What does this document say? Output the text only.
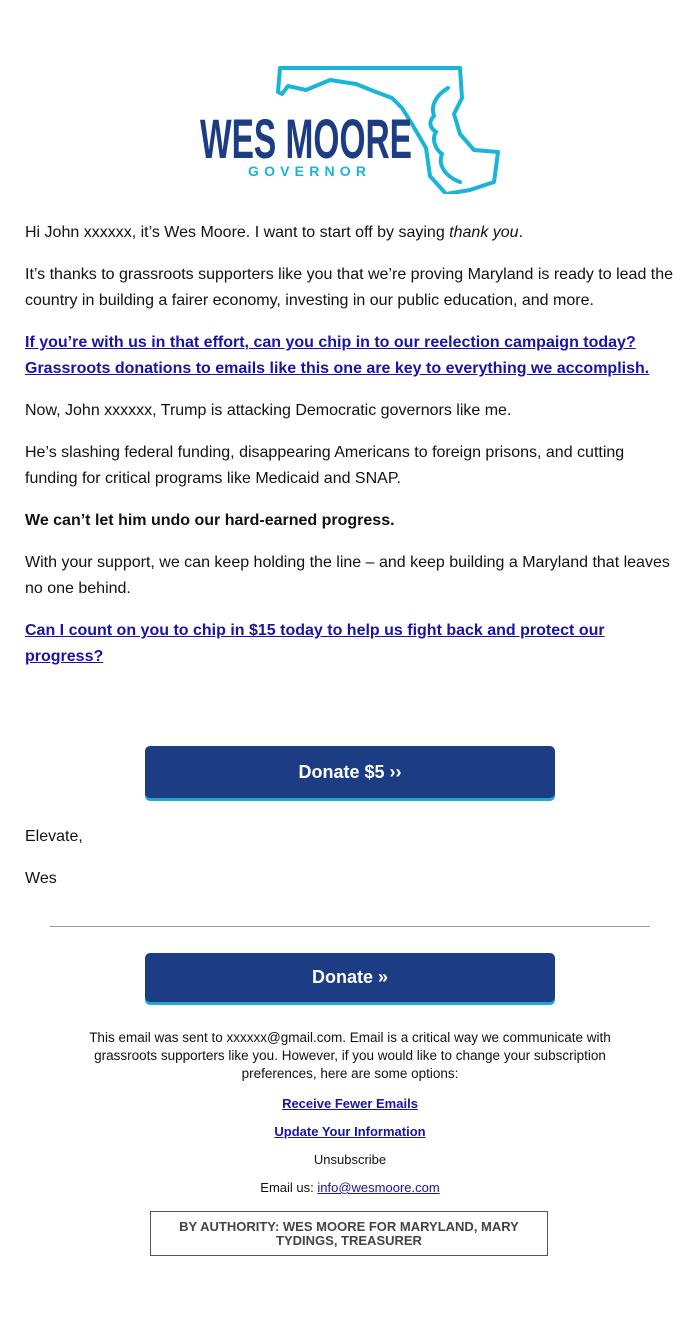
WES MOORE
GOVERNOR

Hi John xxxxxx, it’s Wes Moore. I want to start off by saying thank you.

It’s thanks to grassroots supporters like you that we’re proving Maryland is ready to lead the country in building a fairer economy, investing in our public education, and more.

If you’re with us in that effort, can you chip in to our reelection campaign today? Grassroots donations to emails like this one are key to everything we accomplish.

Now, John xxxxxx, Trump is attacking Democratic governors like me.

He’s slashing federal funding, disappearing Americans to foreign prisons, and cutting funding for critical programs like Medicaid and SNAP.

We can’t let him undo our hard-earned progress.

With your support, we can keep holding the line – and keep building a Maryland that leaves no one behind.

Can I count on you to chip in $15 today to help us fight back and protect our progress?

Donate $5 ››
Elevate,
Wes
Donate »
This email was sent to xxxxxx@gmail.com. Email is a critical way we communicate with grassroots supporters like you. However, if you would like to change your subscription preferences, here are some options:
Receive Fewer Emails
Update Your Information
Unsubscribe
Email us: info@wesmoore.com
BY AUTHORITY: WES MOORE FOR MARYLAND, MARY TYDINGS, TREASURER
